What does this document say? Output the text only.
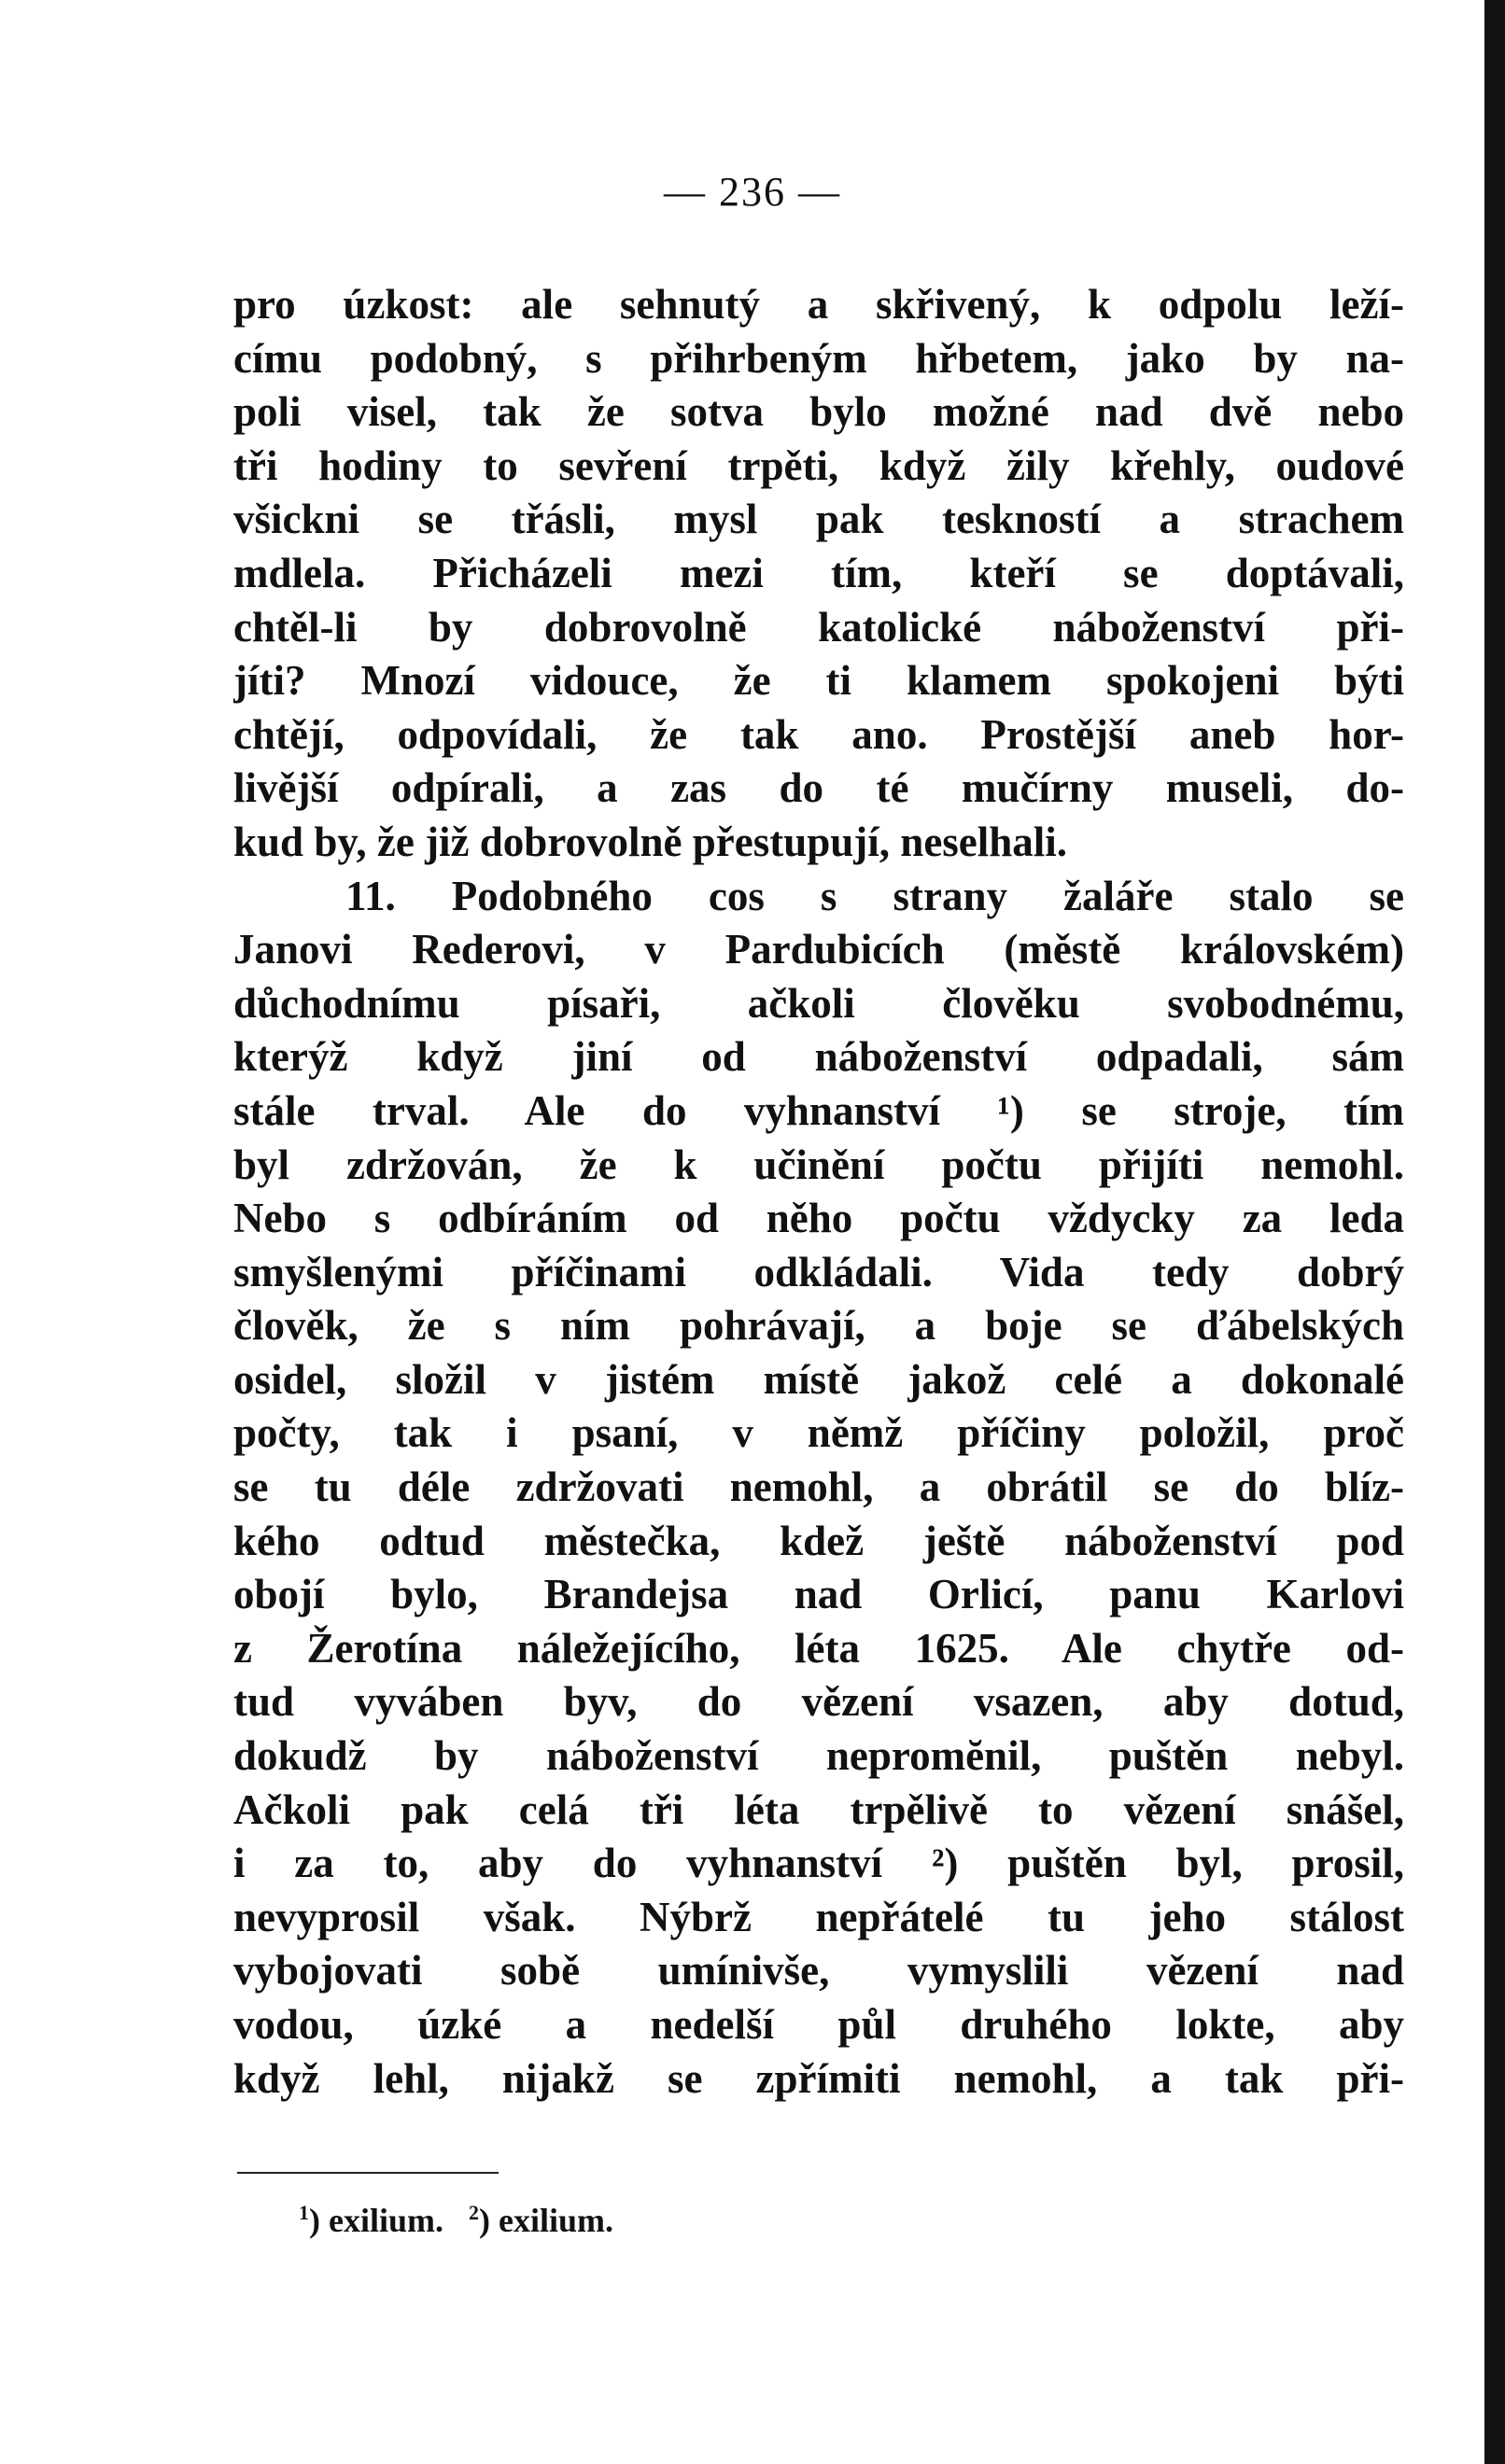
— 236 —
pro úzkost: ale sehnutý a skřivený, k odpolu leží-
címu podobný, s přihrbeným hřbetem, jako by na-
poli visel, tak že sotva bylo možné nad dvě nebo
tři hodiny to sevření trpěti, když žily křehly, oudové
všickni se třásli, mysl pak teskností a strachem
mdlela. Přicházeli mezi tím, kteří se doptávali,
chtěl-li by dobrovolně katolické náboženství při-
jíti? Mnozí vidouce, že ti klamem spokojeni býti
chtějí, odpovídali, že tak ano. Prostější aneb hor-
livější odpírali, a zas do té mučírny museli, do-
kud by, že již dobrovolně přestupují, neselhali.
11. Podobného cos s strany žaláře stalo se
Janovi Rederovi, v Pardubicích (městě královském)
důchodnímu písaři, ačkoli člověku svobodnému,
kterýž když jiní od náboženství odpadali, sám
stále trval. Ale do vyhnanství ¹) se stroje, tím
byl zdržován, že k učinění počtu přijíti nemohl.
Nebo s odbíráním od něho počtu vždycky za leda
smyšlenými příčinami odkládali. Vida tedy dobrý
člověk, že s ním pohrávají, a boje se ďábelských
osidel, složil v jistém místě jakož celé a dokonalé
počty, tak i psaní, v němž příčiny položil, proč
se tu déle zdržovati nemohl, a obrátil se do blíz-
kého odtud městečka, kdež ještě náboženství pod
obojí bylo, Brandejsa nad Orlicí, panu Karlovi
z Žerotína náležejícího, léta 1625. Ale chytře od-
tud vyváben byv, do vězení vsazen, aby dotud,
dokudž by náboženství nepromĕnil, puštěn nebyl.
Ačkoli pak celá tři léta trpělivě to vězení snášel,
i za to, aby do vyhnanství ²) puštěn byl, prosil,
nevyprosil však. Nýbrž nepřátelé tu jeho stálost
vybojovati sobě umínivše, vymyslili vězení nad
vodou, úzké a nedelší půl druhého lokte, aby
když lehl, nijakž se zpřímiti nemohl, a tak při-
$^1$) exilium. $^2$) exilium.
